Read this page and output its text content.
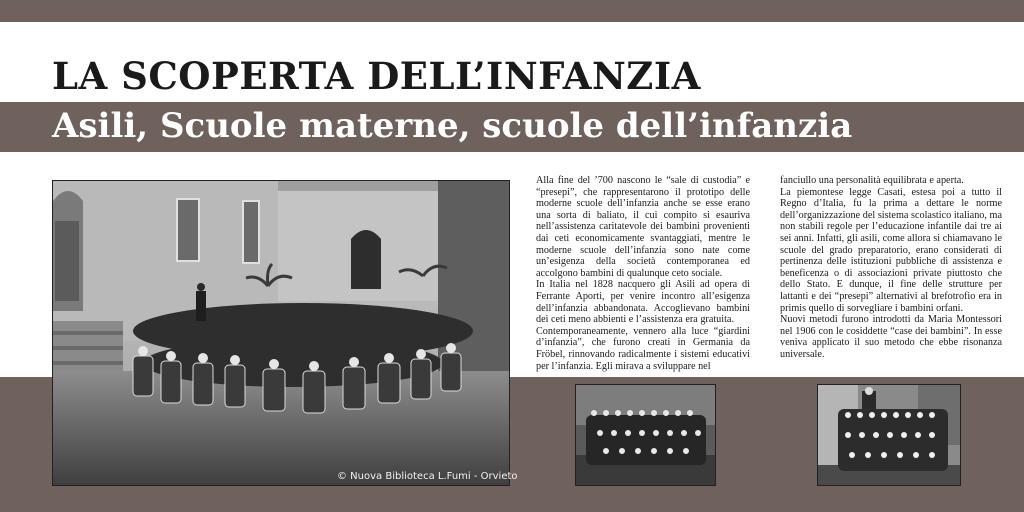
LA SCOPERTA DELL’INFANZIA
Asili, Scuole materne, scuole dell’infanzia
© Nuova Biblioteca L.Fumi - Orvieto

Alla fine del ’700 nascono le “sale di custodia” e “presepi”, che rappresentarono il prototipo delle moderne scuole dell’infanzia anche se esse erano una sorta di baliato, il cui compito si esauriva nell’assistenza caritatevole dei bambini provenienti dai ceti economicamente svantaggiati, mentre le moderne scuole dell’infanzia sono nate come un’esigenza della società contemporanea ed accolgono bambini di qualunque ceto sociale.

In Italia nel 1828 nacquero gli Asili ad opera di Ferrante Aporti, per venire incontro all’esigenza dell’infanzia abbandonata. Accoglievano bambini dei ceti meno abbienti e l’assistenza era gratuita.

Contemporaneamente, vennero alla luce “giardini d’infanzia”, che furono creati in Germania da Fröbel, rinnovando radicalmente i sistemi educativi per l’infanzia. Egli mirava a sviluppare nel

fanciullo una personalità equilibrata e aperta.

La piemontese legge Casati, estesa poi a tutto il Regno d’Italia, fu la prima a dettare le norme dell’organizzazione del sistema scolastico italiano, ma non stabilì regole per l’educazione infantile dai tre ai sei anni. Infatti, gli asili, come allora si chiamavano le scuole del grado preparatorio, erano considerati di pertinenza delle istituzioni pubbliche di assistenza e beneficenza o di associazioni private piuttosto che dello Stato. E dunque, il fine delle strutture per lattanti e dei “presepi” alternativi al brefotrofio era in primis quello di sorvegliare i bambini orfani.

Nuovi metodi furono introdotti da Maria Montessori nel 1906 con le cosiddette “case dei bambini”. In esse veniva applicato il suo metodo che ebbe risonanza universale.
